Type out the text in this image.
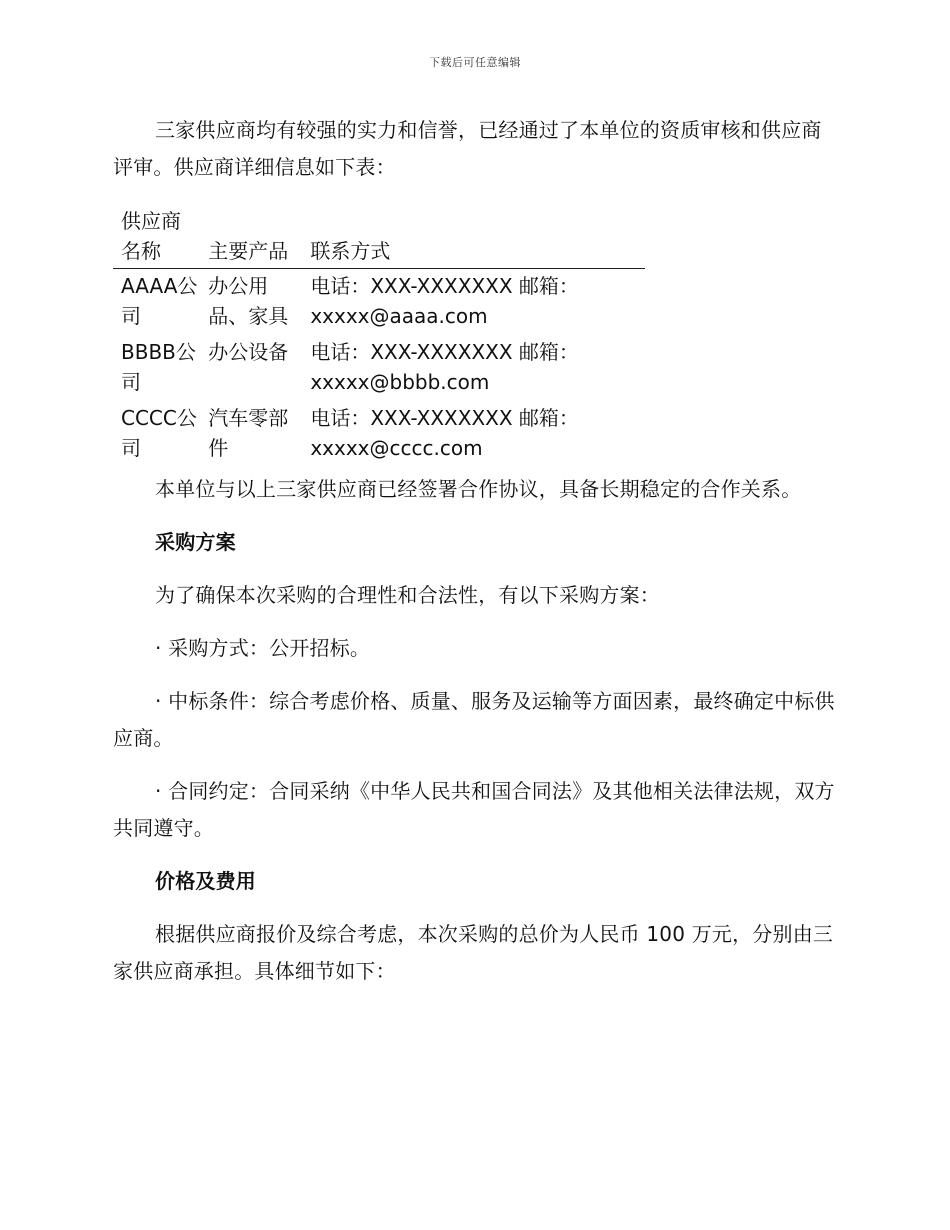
下载后可任意编辑

三家供应商均有较强的实力和信誉，已经通过了本单位的资质审核和供应商评审。供应商详细信息如下表：

供应商名称	主要产品	联系方式
AAAA公司	办公用品、家具	电话：XXX-XXXXXXX 邮箱：xxxxx@aaaa.com
BBBB公司	办公设备	电话：XXX-XXXXXXX 邮箱：xxxxx@bbbb.com
CCCC公司	汽车零部件	电话：XXX-XXXXXXX 邮箱：xxxxx@cccc.com

本单位与以上三家供应商已经签署合作协议，具备长期稳定的合作关系。

采购方案

为了确保本次采购的合理性和合法性，有以下采购方案：

· 采购方式：公开招标。

· 中标条件：综合考虑价格、质量、服务及运输等方面因素，最终确定中标供应商。

· 合同约定：合同采纳《中华人民共和国合同法》及其他相关法律法规，双方共同遵守。

价格及费用

根据供应商报价及综合考虑，本次采购的总价为人民币 100 万元，分别由三家供应商承担。具体细节如下：
